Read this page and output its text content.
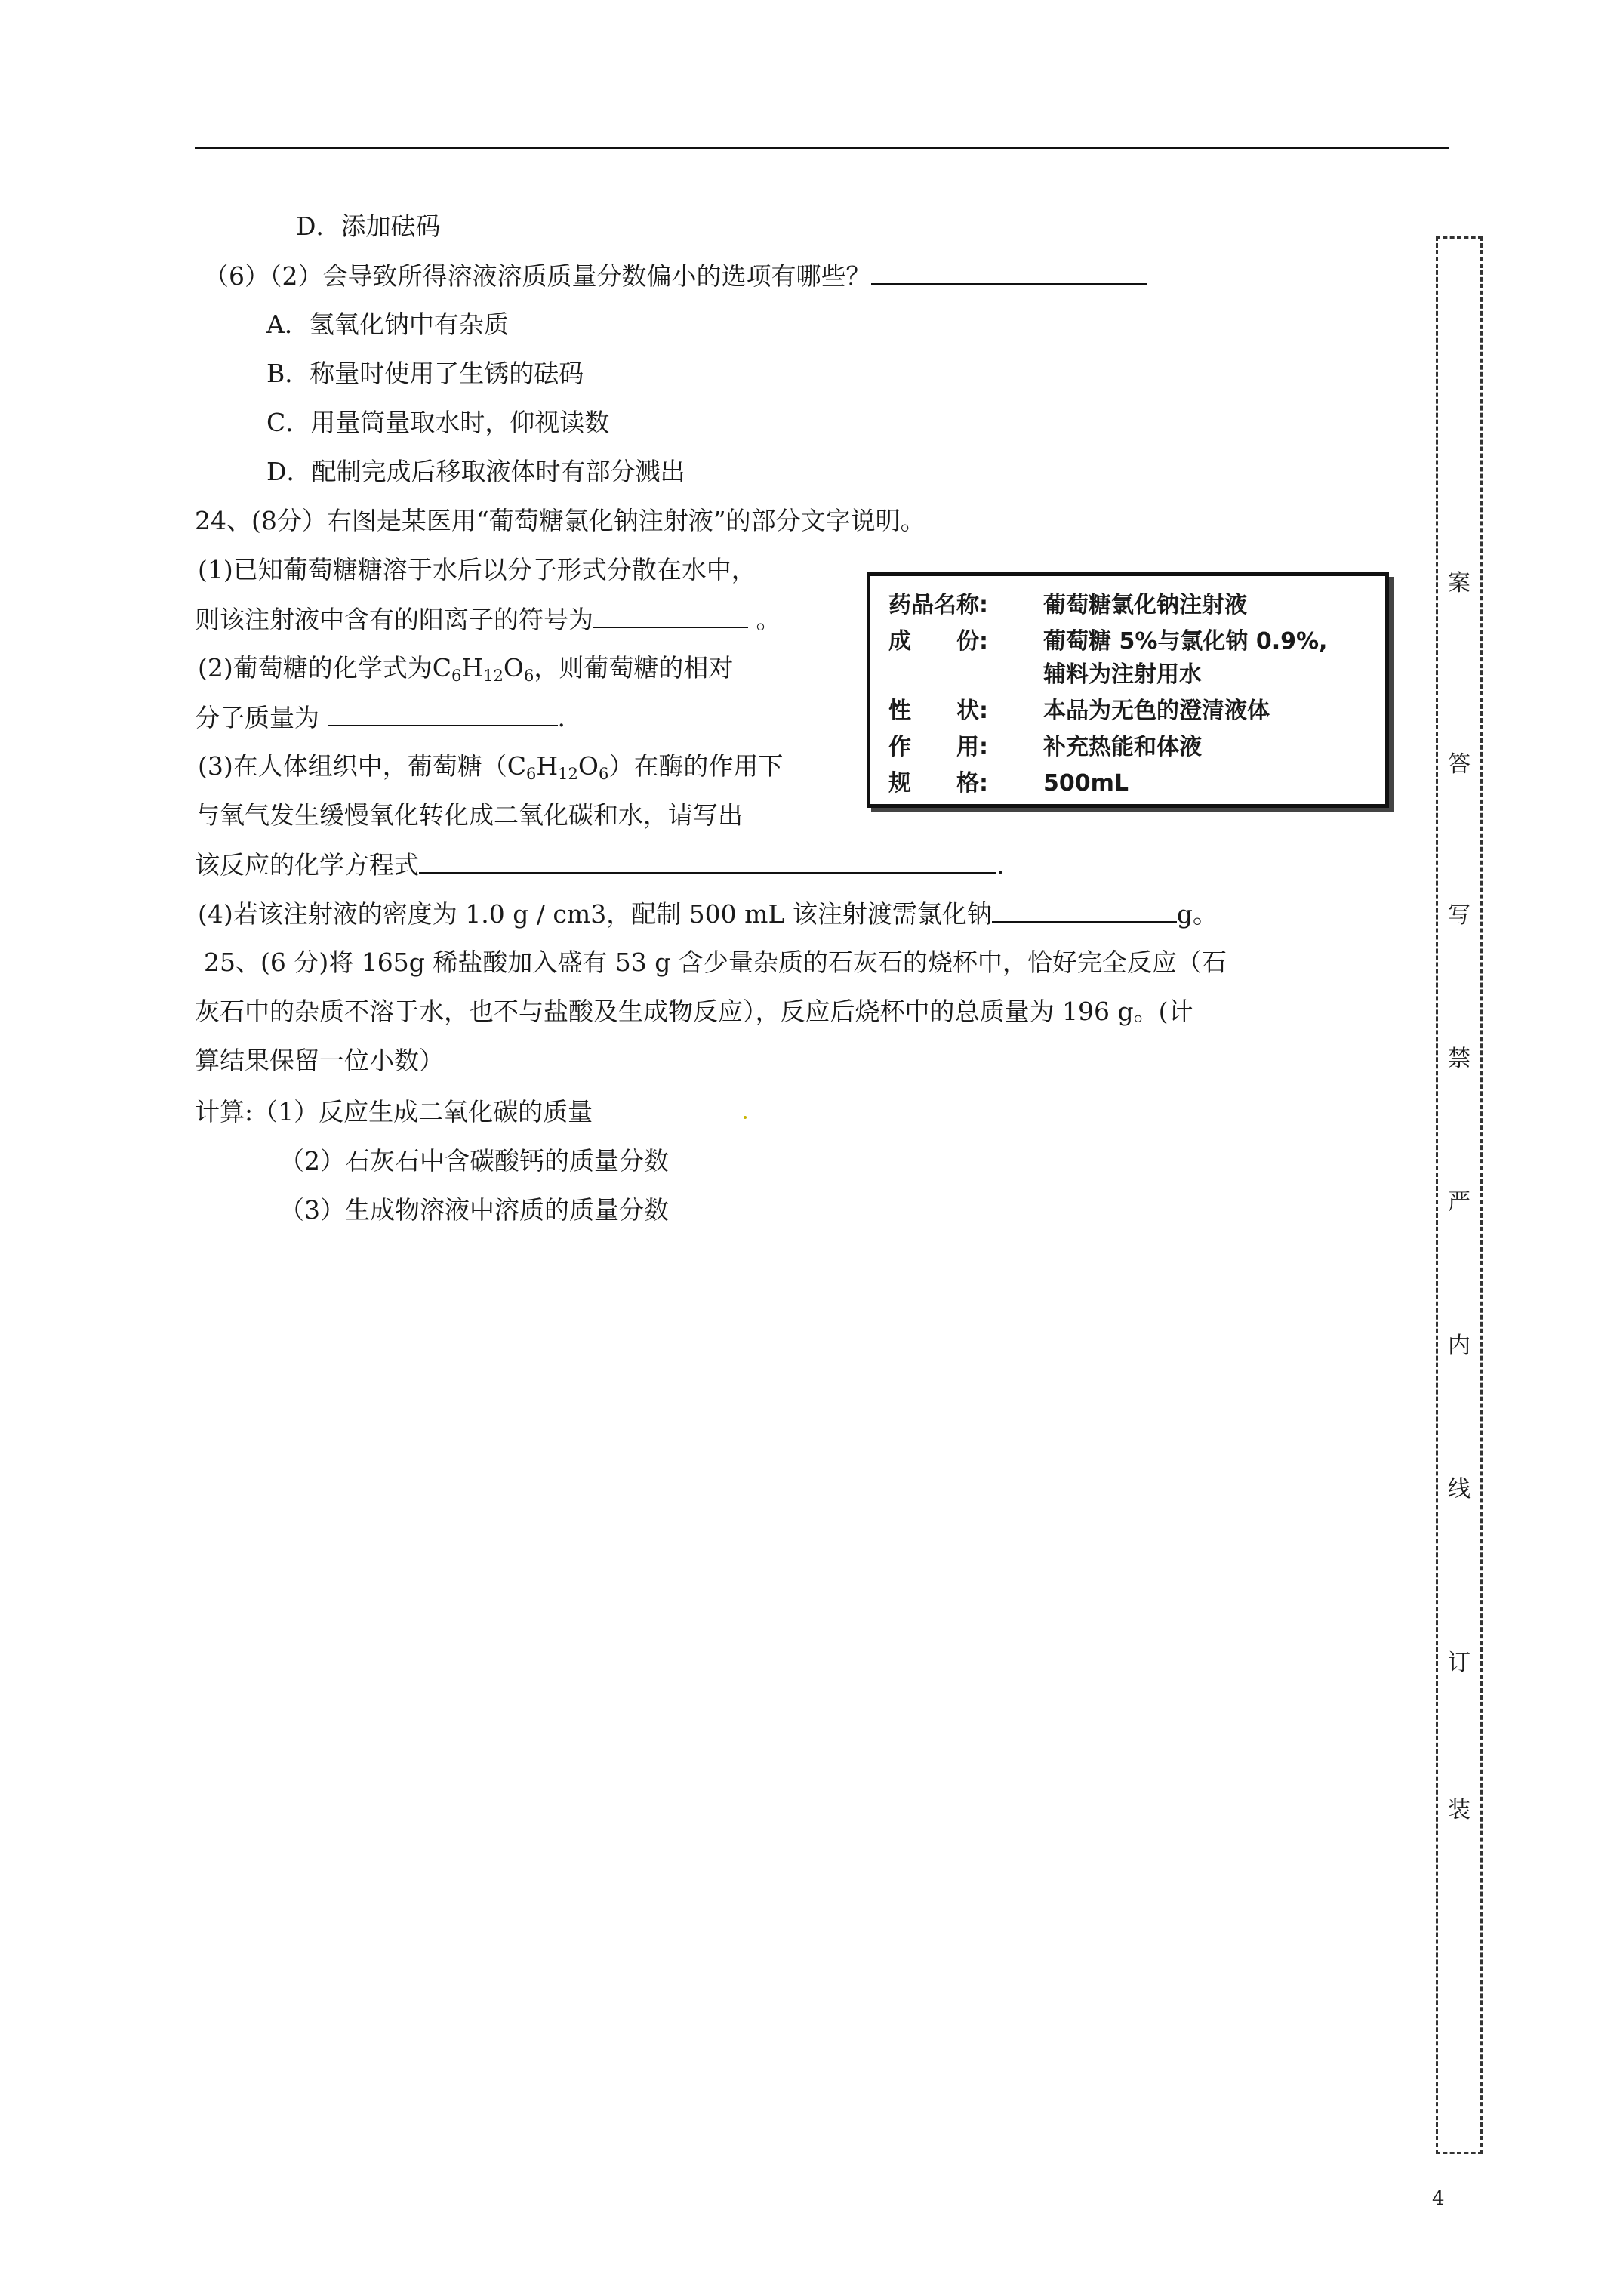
D．添加砝码
（6）（2）会导致所得溶液溶质质量分数偏小的选项有哪些？
A．氢氧化钠中有杂质
B．称量时使用了生锈的砝码
C．用量筒量取水时，仰视读数
D．配制完成后移取液体时有部分溅出
24、(8分）右图是某医用“葡萄糖氯化钠注射液”的部分文字说明。
(1)已知葡萄糖糖溶于水后以分子形式分散在水中，
则该注射液中含有的阳离子的符号为	。
(2)葡萄糖的化学式为$C_6H_{12}O_6$，则葡萄糖的相对
分子质量为	.
(3)在人体组织中，葡萄糖$(C_6H_{12}O_6)$在酶的作用下
与氧气发生缓慢氧化转化成二氧化碳和水，请写出
该反应的化学方程式	.
(4)若该注射液的密度为 1.0 g / cm3，配制 500 mL 该注射渡需氯化钠	g。
药品名称: 葡萄糖氯化钠注射液
成　　份: 葡萄糖 5%与氯化钠 0.9%,
辅料为注射用水
性　　状: 本品为无色的澄清液体
作　　用: 补充热能和体液
规　　格: 500mL
25、(6 分)将 165g 稀盐酸加入盛有 53 g 含少量杂质的石灰石的烧杯中，恰好完全反应（石
灰石中的杂质不溶于水，也不与盐酸及生成物反应），反应后烧杯中的总质量为 196 g。(计
算结果保留一位小数）
计算:（1）反应生成二氧化碳的质量
（2）石灰石中含碳酸钙的质量分数
（3）生成物溶液中溶质的质量分数
案
答
写
禁
严
内
线
订
装
4
